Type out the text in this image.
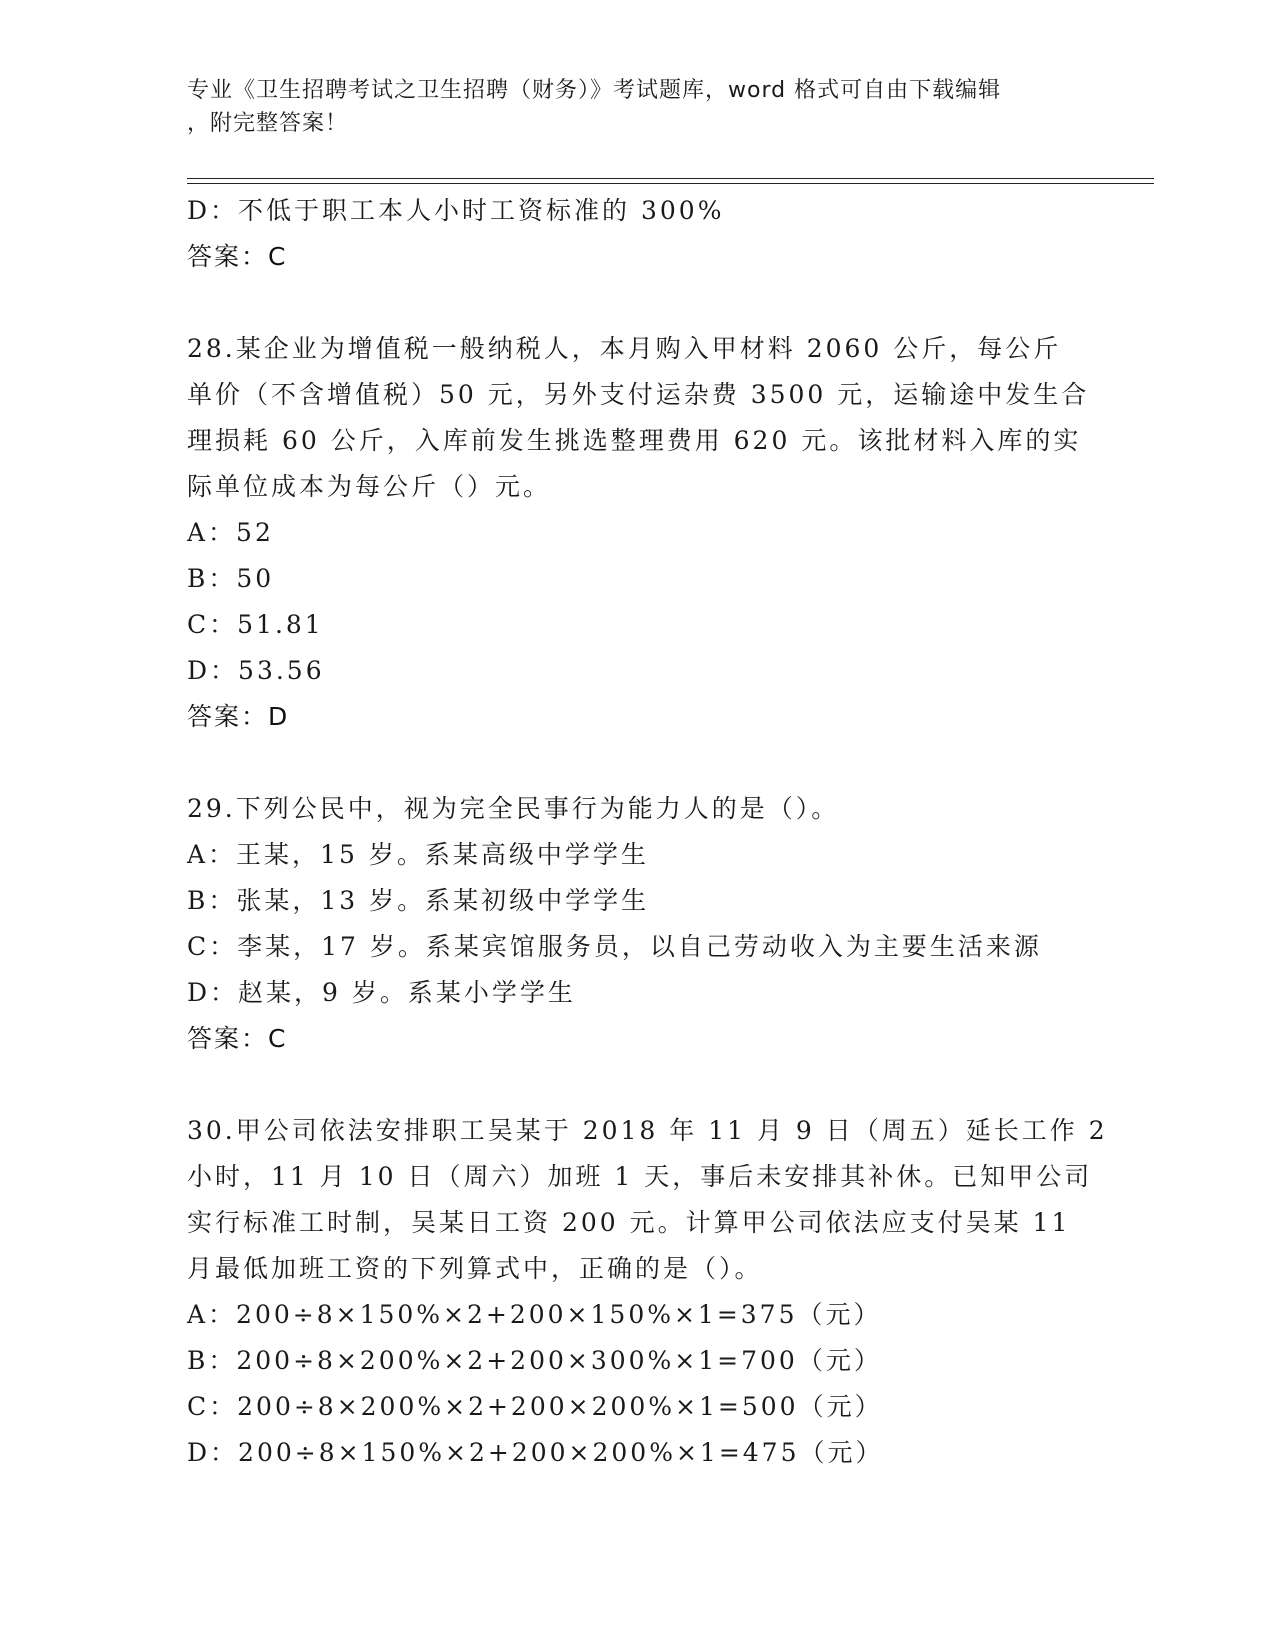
专业《卫生招聘考试之卫生招聘（财务）》考试题库，word 格式可自由下载编辑
，附完整答案！
D：不低于职工本人小时工资标准的 300%
答案：C
28.某企业为增值税一般纳税人，本月购入甲材料 2060 公斤，每公斤
单价（不含增值税）50 元，另外支付运杂费 3500 元，运输途中发生合
理损耗 60 公斤，入库前发生挑选整理费用 620 元。该批材料入库的实
际单位成本为每公斤（）元。
A：52
B：50
C：51.81
D：53.56
答案：D
29.下列公民中，视为完全民事行为能力人的是（）。
A：王某，15 岁。系某高级中学学生
B：张某，13 岁。系某初级中学学生
C：李某，17 岁。系某宾馆服务员，以自己劳动收入为主要生活来源
D：赵某，9 岁。系某小学学生
答案：C
30.甲公司依法安排职工吴某于 2018 年 11 月 9 日（周五）延长工作 2
小时，11 月 10 日（周六）加班 1 天，事后未安排其补休。已知甲公司
实行标准工时制，吴某日工资 200 元。计算甲公司依法应支付吴某 11
月最低加班工资的下列算式中，正确的是（）。
A：200÷8×150%×2+200×150%×1=375（元）
B：200÷8×200%×2+200×300%×1=700（元）
C：200÷8×200%×2+200×200%×1=500（元）
D：200÷8×150%×2+200×200%×1=475（元）
